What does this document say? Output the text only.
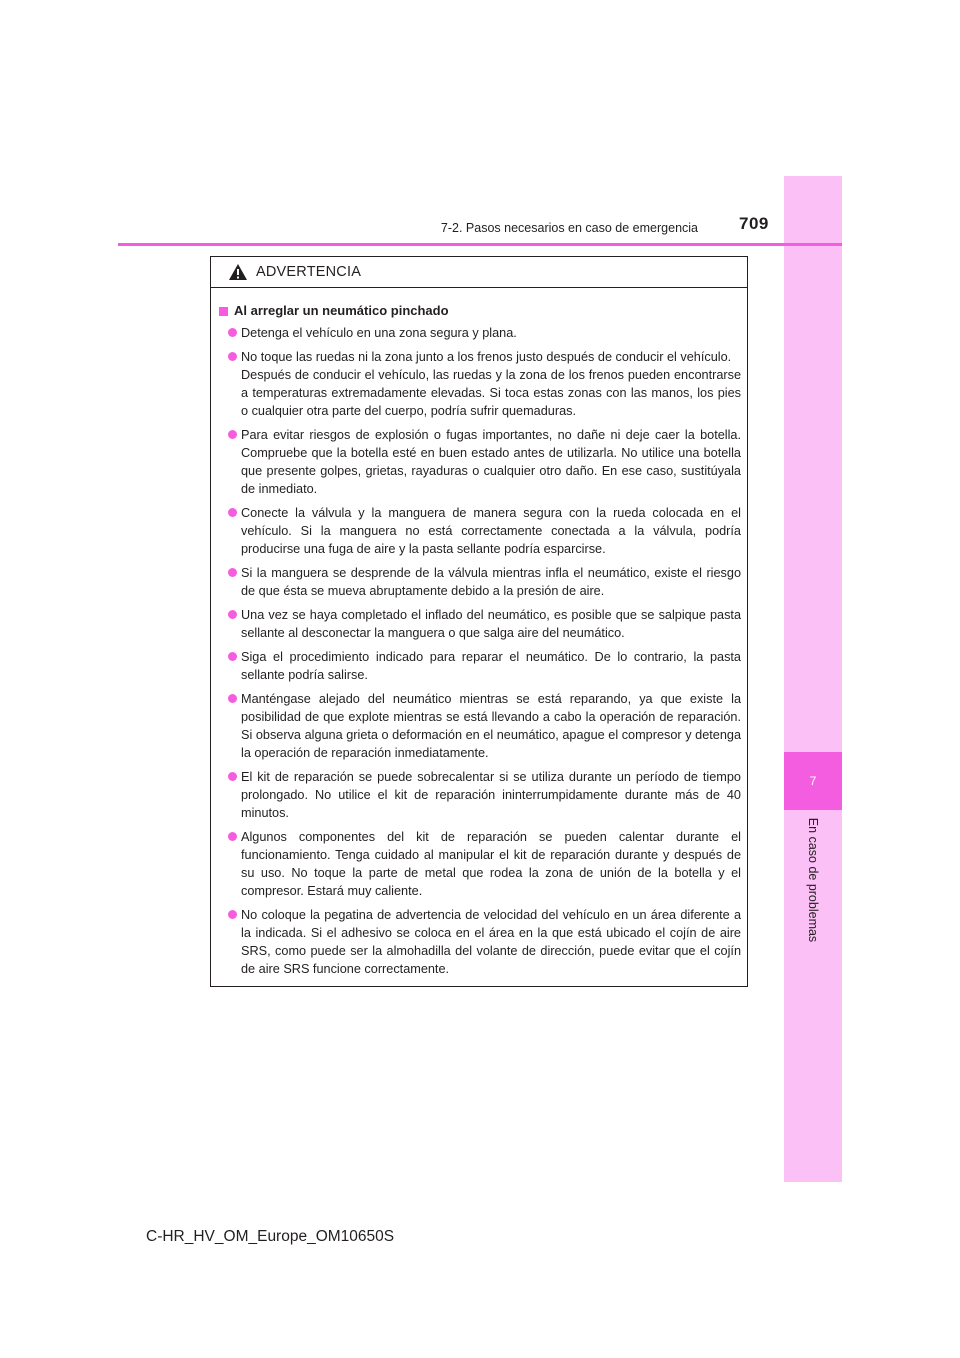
7
En caso de problemas
7-2. Pasos necesarios en caso de emergencia 709
ADVERTENCIA
Al arreglar un neumático pinchado
Detenga el vehículo en una zona segura y plana.
No toque las ruedas ni la zona junto a los frenos justo después de conducir el vehículo.
Después de conducir el vehículo, las ruedas y la zona de los frenos pueden encontrarse a temperaturas extremadamente elevadas. Si toca estas zonas con las manos, los pies o cualquier otra parte del cuerpo, podría sufrir quemaduras.
Para evitar riesgos de explosión o fugas importantes, no dañe ni deje caer la botella. Compruebe que la botella esté en buen estado antes de utilizarla. No utilice una botella que presente golpes, grietas, rayaduras o cualquier otro daño. En ese caso, sustitúyala de inmediato.
Conecte la válvula y la manguera de manera segura con la rueda colocada en el vehículo. Si la manguera no está correctamente conectada a la válvula, podría producirse una fuga de aire y la pasta sellante podría esparcirse.
Si la manguera se desprende de la válvula mientras infla el neumático, existe el riesgo de que ésta se mueva abruptamente debido a la presión de aire.
Una vez se haya completado el inflado del neumático, es posible que se salpique pasta sellante al desconectar la manguera o que salga aire del neumático.
Siga el procedimiento indicado para reparar el neumático. De lo contrario, la pasta sellante podría salirse.
Manténgase alejado del neumático mientras se está reparando, ya que existe la posibilidad de que explote mientras se está llevando a cabo la operación de reparación. Si observa alguna grieta o deformación en el neumático, apague el compresor y detenga la operación de reparación inmediatamente.
El kit de reparación se puede sobrecalentar si se utiliza durante un período de tiempo prolongado. No utilice el kit de reparación ininterrumpidamente durante más de 40 minutos.
Algunos componentes del kit de reparación se pueden calentar durante el funcionamiento. Tenga cuidado al manipular el kit de reparación durante y después de su uso. No toque la parte de metal que rodea la zona de unión de la botella y el compresor. Estará muy caliente.
No coloque la pegatina de advertencia de velocidad del vehículo en un área diferente a la indicada. Si el adhesivo se coloca en el área en la que está ubicado el cojín de aire SRS, como puede ser la almohadilla del volante de dirección, puede evitar que el cojín de aire SRS funcione correctamente.
C-HR_HV_OM_Europe_OM10650S
